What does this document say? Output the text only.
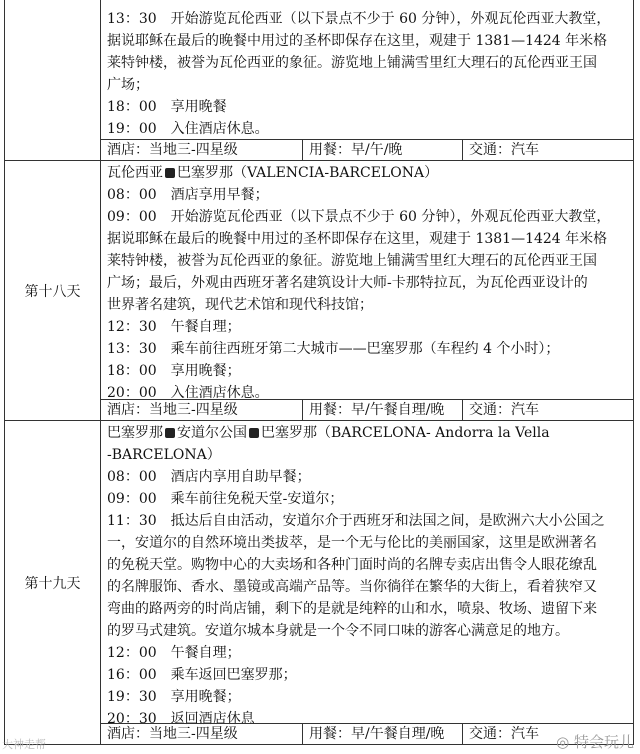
13：30　开始游览瓦伦西亚（以下景点不少于 60 分钟），外观瓦伦西亚大教堂，
据说耶稣在最后的晚餐中用过的圣杯即保存在这里，观建于 1381—1424 年米格
莱特钟楼，被誉为瓦伦西亚的象征。游览地上铺满雪里红大理石的瓦伦西亚王国
广场；
18：00　享用晚餐
19：00　入住酒店休息。
酒店：当地三-四星级	用餐：早/午/晚	交通：汽车
第十八天
瓦伦西亚 巴塞罗那（VALENCIA-BARCELONA）
08：00　酒店享用早餐；
09：00　开始游览瓦伦西亚（以下景点不少于 60 分钟），外观瓦伦西亚大教堂，
据说耶稣在最后的晚餐中用过的圣杯即保存在这里，观建于 1381—1424 年米格
莱特钟楼，被誉为瓦伦西亚的象征。游览地上铺满雪里红大理石的瓦伦西亚王国
广场；最后，外观由西班牙著名建筑设计大师-卡那特拉瓦，为瓦伦西亚设计的
世界著名建筑，现代艺术馆和现代科技馆；
12：30　午餐自理；
13：30　乘车前往西班牙第二大城市——巴塞罗那（车程约 4 个小时）；
18：00　享用晚餐；
20：00　入住酒店休息。
酒店：当地三-四星级	用餐：早/午餐自理/晚	交通：汽车
第十九天
巴塞罗那 安道尔公国 巴塞罗那（BARCELONA- Andorra la Vella
-BARCELONA）
08：00　酒店内享用自助早餐；
09：00　乘车前往免税天堂-安道尔；
11：30　抵达后自由活动，安道尔介于西班牙和法国之间，是欧洲六大小公国之
一，安道尔的自然环境出类拔萃，是一个无与伦比的美丽国家，这里是欧洲著名
的免税天堂。购物中心的大卖场和各种门面时尚的名牌专卖店出售令人眼花缭乱
的名牌服饰、香水、墨镜或高端产品等。当你徜徉在繁华的大街上，看着狭窄又
弯曲的路两旁的时尚店铺，剩下的是就是纯粹的山和水，喷泉、牧场、遗留下来
的罗马式建筑。安道尔城本身就是一个令不同口味的游客心满意足的地方。
12：00　午餐自理；
16：00　乘车返回巴塞罗那；
19：30　享用晚餐；
20：30　返回酒店休息
酒店：当地三-四星级	用餐：早/午餐自理/晚	交通：汽车
大神走帮	◎ 特会玩儿
